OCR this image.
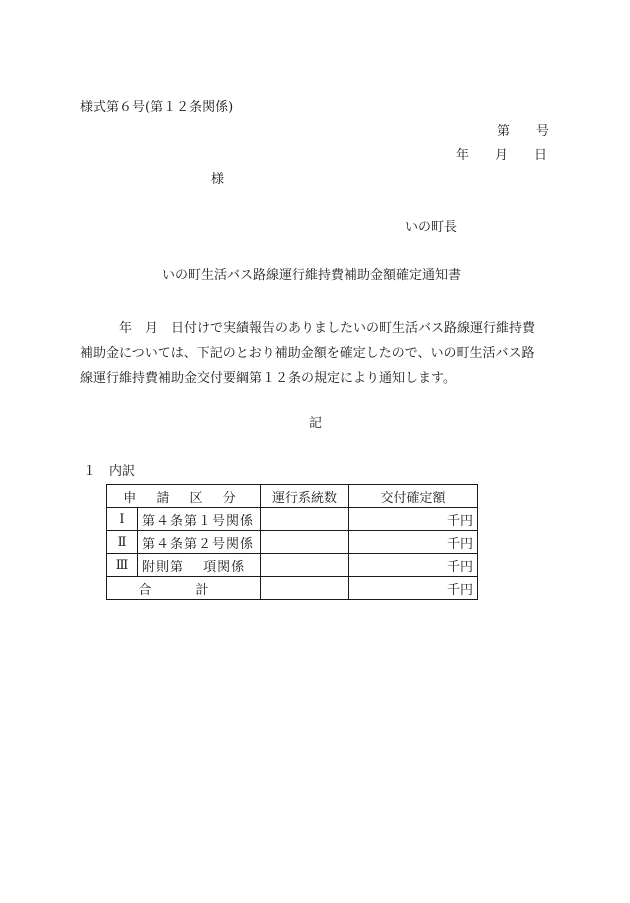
様式第６号(第１２条関係)
第　　号
年　　月　　日
様
いの町長
いの町生活バス路線運行維持費補助金額確定通知書
年　月　日付けで実績報告のありましたいの町生活バス路線運行維持費
補助金については、下記のとおり補助金額を確定したので、いの町生活バス路
線運行維持費補助金交付要綱第１２条の規定により通知します。
記
１　内訳
申 請 区 分		運行系統数	交付確定額
Ⅰ	第４条第１号関係		千円
Ⅱ	第４条第２号関係		千円
Ⅲ	附則第　 項関係		千円
合 計			千円
